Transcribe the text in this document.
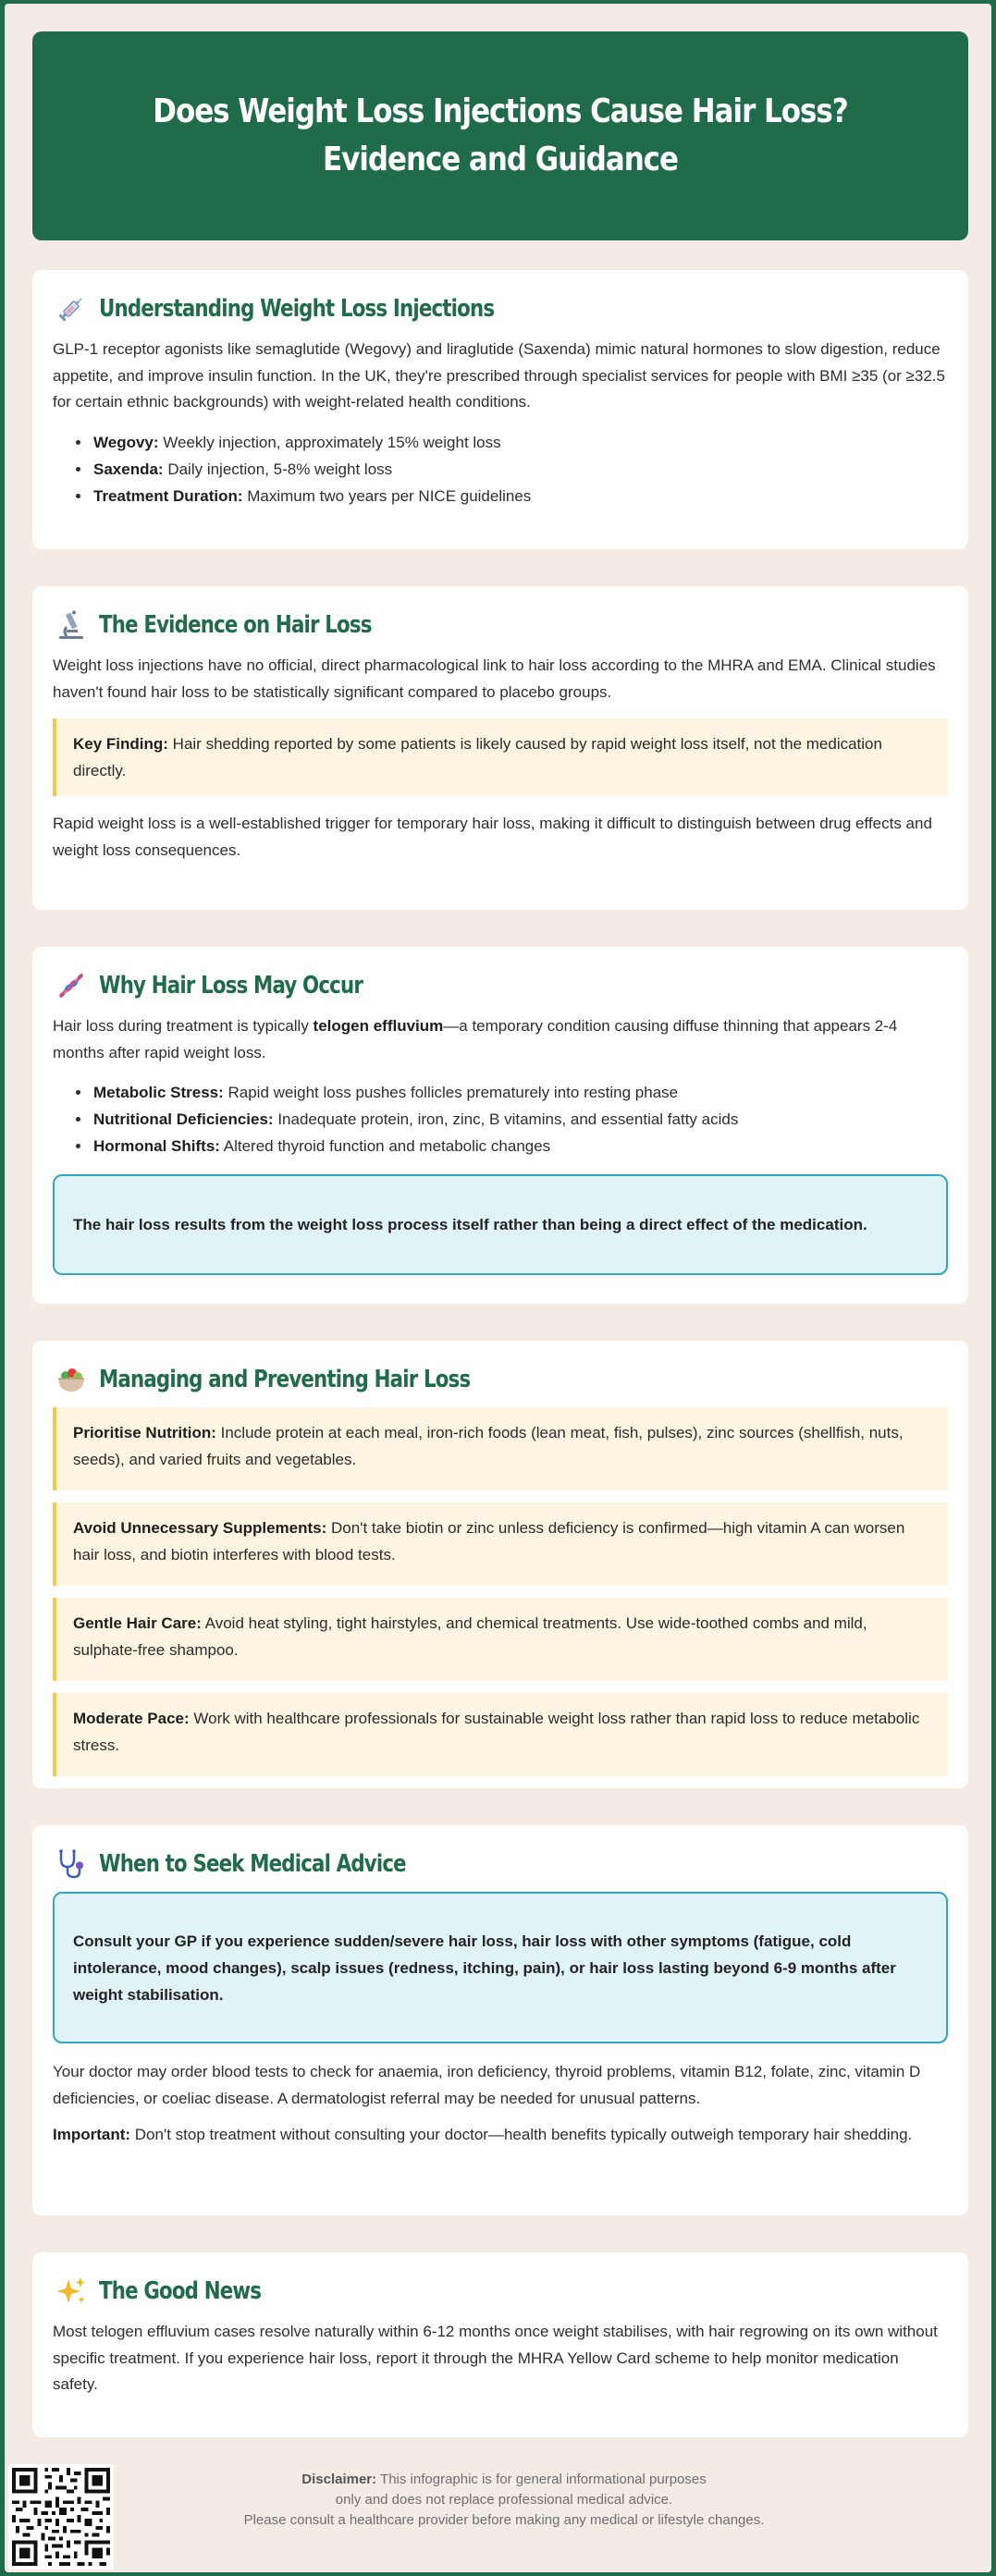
Does Weight Loss Injections Cause Hair Loss? Evidence and Guidance
Understanding Weight Loss Injections

GLP-1 receptor agonists like semaglutide (Wegovy) and liraglutide (Saxenda) mimic natural hormones to slow digestion, reduce appetite, and improve insulin function. In the UK, they're prescribed through specialist services for people with BMI ≥35 (or ≥32.5 for certain ethnic backgrounds) with weight-related health conditions.

• Wegovy: Weekly injection, approximately 15% weight loss
• Saxenda: Daily injection, 5-8% weight loss
• Treatment Duration: Maximum two years per NICE guidelines
The Evidence on Hair Loss

Weight loss injections have no official, direct pharmacological link to hair loss according to the MHRA and EMA. Clinical studies haven't found hair loss to be statistically significant compared to placebo groups.

Key Finding: Hair shedding reported by some patients is likely caused by rapid weight loss itself, not the medication directly.

Rapid weight loss is a well-established trigger for temporary hair loss, making it difficult to distinguish between drug effects and weight loss consequences.

Why Hair Loss May Occur

Hair loss during treatment is typically telogen effluvium—a temporary condition causing diffuse thinning that appears 2-4 months after rapid weight loss.

• Metabolic Stress: Rapid weight loss pushes follicles prematurely into resting phase
• Nutritional Deficiencies: Inadequate protein, iron, zinc, B vitamins, and essential fatty acids
• Hormonal Shifts: Altered thyroid function and metabolic changes
The hair loss results from the weight loss process itself rather than being a direct effect of the medication.
Managing and Preventing Hair Loss
Prioritise Nutrition: Include protein at each meal, iron-rich foods (lean meat, fish, pulses), zinc sources (shellfish, nuts, seeds), and varied fruits and vegetables.
Avoid Unnecessary Supplements: Don't take biotin or zinc unless deficiency is confirmed—high vitamin A can worsen hair loss, and biotin interferes with blood tests.
Gentle Hair Care: Avoid heat styling, tight hairstyles, and chemical treatments. Use wide-toothed combs and mild, sulphate-free shampoo.
Moderate Pace: Work with healthcare professionals for sustainable weight loss rather than rapid loss to reduce metabolic stress.
When to Seek Medical Advice
Consult your GP if you experience sudden/severe hair loss, hair loss with other symptoms (fatigue, cold intolerance, mood changes), scalp issues (redness, itching, pain), or hair loss lasting beyond 6-9 months after weight stabilisation.

Your doctor may order blood tests to check for anaemia, iron deficiency, thyroid problems, vitamin B12, folate, zinc, vitamin D deficiencies, or coeliac disease. A dermatologist referral may be needed for unusual patterns.

Important: Don't stop treatment without consulting your doctor—health benefits typically outweigh temporary hair shedding.

The Good News

Most telogen effluvium cases resolve naturally within 6-12 months once weight stabilises, with hair regrowing on its own without specific treatment. If you experience hair loss, report it through the MHRA Yellow Card scheme to help monitor medication safety.

Disclaimer: This infographic is for general informational purposes
only and does not replace professional medical advice.
Please consult a healthcare provider before making any medical or lifestyle changes.
